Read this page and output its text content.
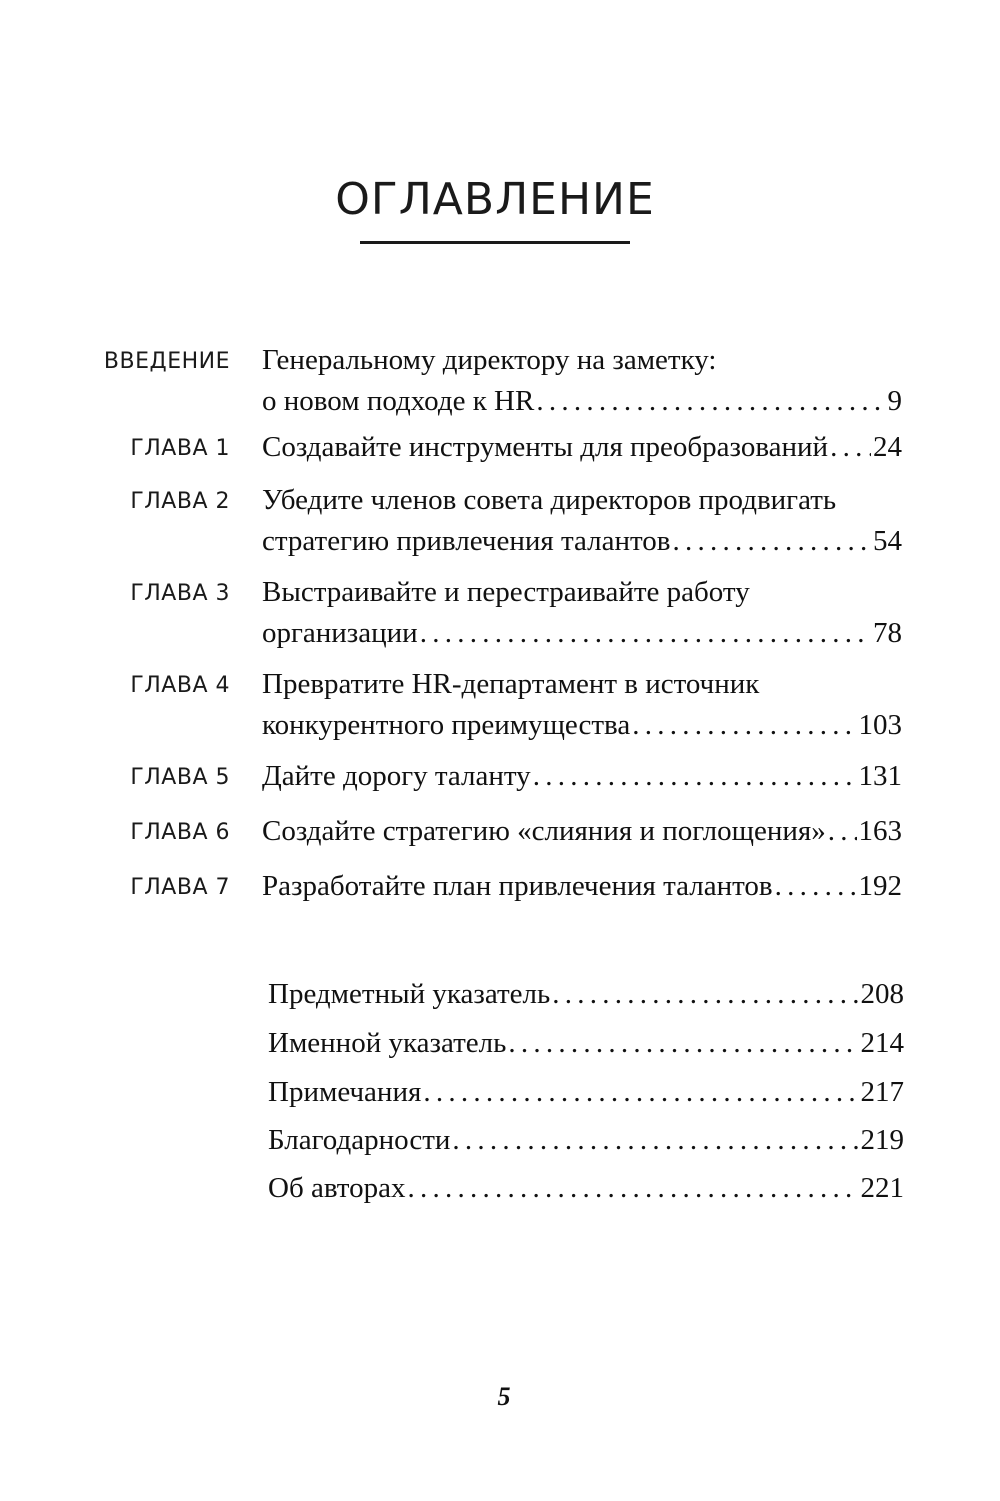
ОГЛАВЛЕНИЕ
ВВЕДЕНИЕ Генеральному директору на заметку:
о новом подходе к HR . . .	9
ГЛАВА 1 Создавайте инструменты для преобразований . . . 24
ГЛАВА 2 Убедите членов совета директоров продвигать
стратегию привлечения талантов . . .	54
ГЛАВА 3 Выстраивайте и перестраивайте работу
организации . . .	78
ГЛАВА 4 Превратите HR-департамент в источник
конкурентного преимущества . . .	103
ГЛАВА 5 Дайте дорогу таланту . . .	131
ГЛАВА 6 Создайте стратегию «слияния и поглощения» . . . 163
ГЛАВА 7 Разработайте план привлечения талантов . . .	192
Предметный указатель . . .	208
Именной указатель . . .	214
Примечания . . .	217
Благодарности . . .	219
Об авторах . . .	221
5
